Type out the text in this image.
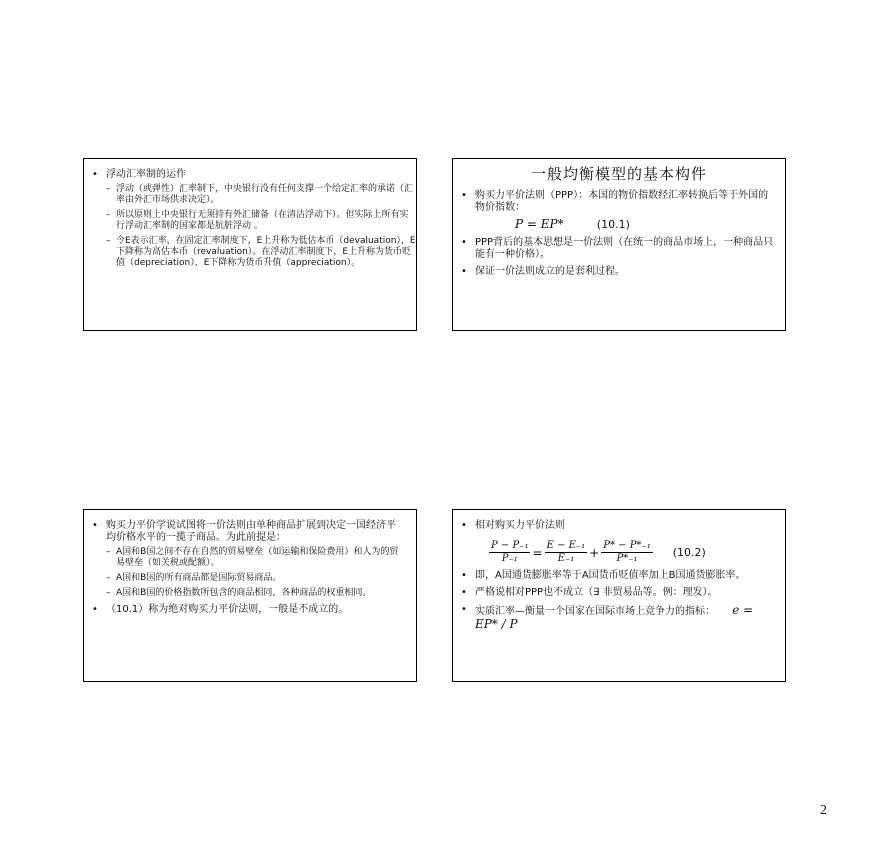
• 浮动汇率制的运作
– 浮动（或弹性）汇率制下，中央银行没有任何支撑一个给定汇率的承诺（汇率由外汇市场供求决定）。
– 所以原则上中央银行无须持有外汇储备（在清洁浮动下）。但实际上所有实行浮动汇率制的国家都是肮脏浮动 。
– 令E表示汇率，在固定汇率制度下，E上升称为低估本币（devaluation），E下降称为高估本币（revaluation）。在浮动汇率制度下，E上升称为货币贬值（depreciation），E下降称为货币升值（appreciation）。
一般均衡模型的基本构件
• 购买力平价法则（PPP）：本国的物价指数经汇率转换后等于外国的物价指数：
P = EP*	(10.1)
• PPP背后的基本思想是一价法则（在统一的商品市场上，一种商品只能有一种价格）。
• 保证一价法则成立的是套利过程。
• 购买力平价学说试图将一价法则由单种商品扩展到决定一国经济平均价格水平的一揽子商品。为此前提是：
– A国和B国之间不存在自然的贸易壁垒（如运输和保险费用）和人为的贸易壁垒（如关税或配额）。
– A国和B国的所有商品都是国际贸易商品。
– A国和B国的价格指数所包含的商品相同，各种商品的权重相同。
• （10.1）称为绝对购买力平价法则，一般是不成立的。
• 相对购买力平价法则
$\frac{\text{P − P₋₁}}{\text{P₋₁}} = \frac{\text{E − E₋₁}}{\text{E₋₁}} + \frac{\text{P* − P*₋₁}}{\text{P*₋₁}} (10.2)$
• 即，A国通货膨胀率等于A国货币贬值率加上B国通货膨胀率。
• 严格说相对PPP也不成立（∃ 非贸易品等。例：理发）。
• 实质汇率—衡量一个国家在国际市场上竞争力的指标： e = EP* / P
2
